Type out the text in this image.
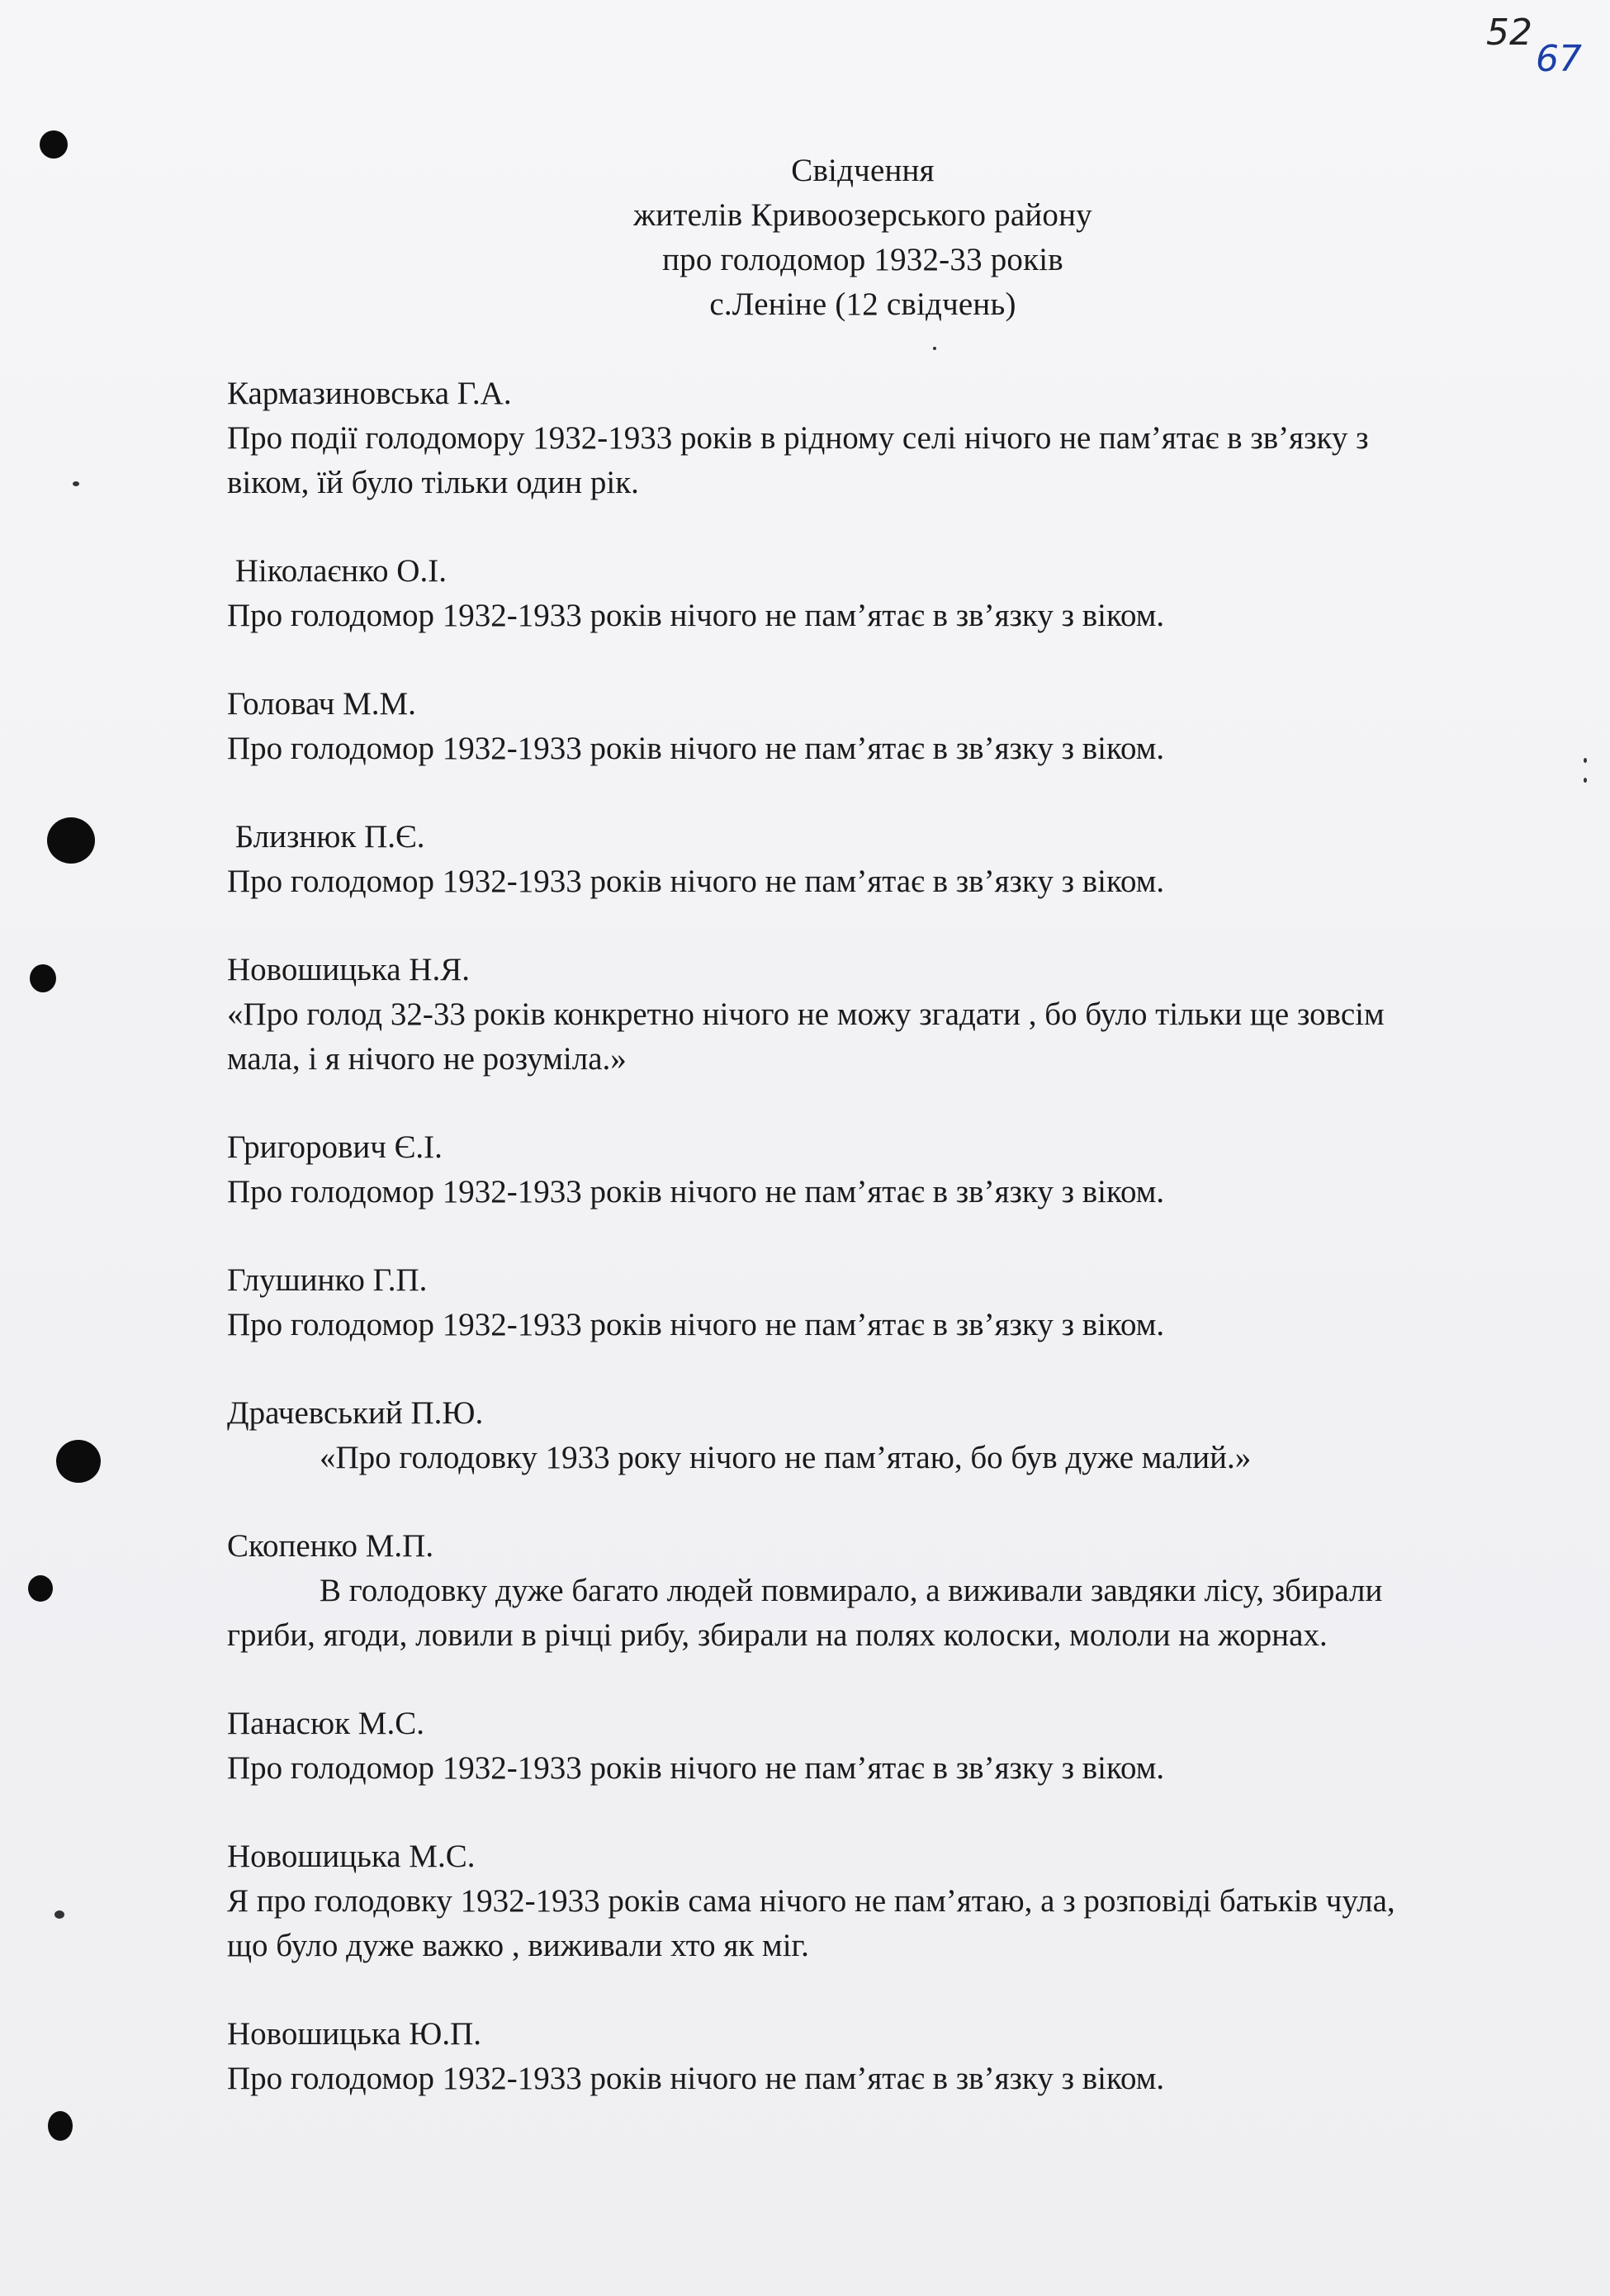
52
67
Свідчення
жителів Кривоозерського району
про голодомор 1932-33 років
с.Леніне (12 свідчень)
Кармазиновська Г.А.
Про події голодомору 1932-1933 років в рідному селі нічого не пам’ятає в зв’язку з віком, їй було тільки один рік.
Ніколаєнко О.І.
Про голодомор 1932-1933 років нічого не пам’ятає в зв’язку з віком.
Головач М.М.
Про голодомор 1932-1933 років нічого не пам’ятає в зв’язку з віком.
Близнюк П.Є.
Про голодомор 1932-1933 років нічого не пам’ятає в зв’язку з віком.
Новошицька Н.Я.
«Про голод 32-33 років конкретно нічого не можу згадати , бо було тільки ще зовсім мала, і я нічого не розуміла.»
Григорович Є.І.
Про голодомор 1932-1933 років нічого не пам’ятає в зв’язку з віком.
Глушинко Г.П.
Про голодомор 1932-1933 років нічого не пам’ятає в зв’язку з віком.
Драчевський П.Ю.
«Про голодовку 1933 року нічого не пам’ятаю, бо був дуже малий.»
Скопенко М.П.
В голодовку дуже багато людей повмирало, а виживали завдяки лісу, збирали гриби, ягоди, ловили в річці рибу, збирали на полях колоски, мололи на жорнах.
Панасюк М.С.
Про голодомор 1932-1933 років нічого не пам’ятає в зв’язку з віком.
Новошицька М.С.
Я про голодовку 1932-1933 років сама нічого не пам’ятаю, а з розповіді батьків чула, що було дуже важко , виживали хто як міг.
Новошицька Ю.П.
Про голодомор 1932-1933 років нічого не пам’ятає в зв’язку з віком.
